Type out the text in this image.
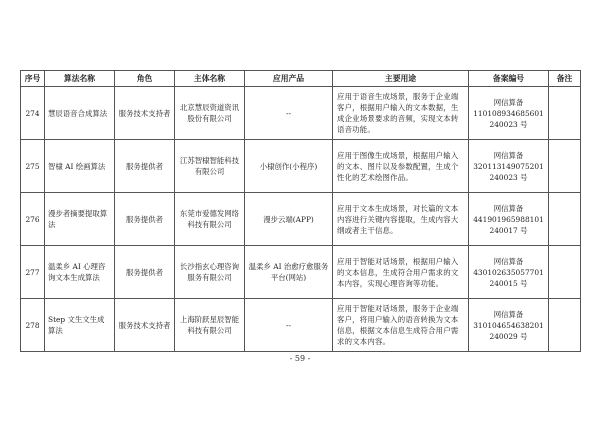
序号	算法名称	角色	主体名称	应用产品	主要用途	备案编号	备注
274	慧辰语音合成算法	服务技术支持者	北京慧辰资道资讯股份有限公司	--	应用于语音生成场景，服务于企业端客户，根据用户输入的文本数据，生成企业场景要求的音频，实现文本转语音功能。	网信算备
110108934685601
240023 号	

275	智棣 AI 绘画算法	服务提供者	江苏智棣智能科技有限公司	小棣创作(小程序)	应用于图像生成场景，根据用户输入的文本、图片以及参数配置，生成个性化的艺术绘图作品。	网信算备
320113149075201
240023 号	

276	漫步者摘要提取算法	服务提供者	东莞市爱德发网络科技有限公司	漫步云端(APP)	应用于文本生成场景，对长篇的文本内容进行关键内容提取，生成内容大纲或者主干信息。	网信算备
441901965988101
240017 号	

277	温柔乡 AI 心理咨询文本生成算法	服务提供者	长沙指玄心理咨询服务有限公司	温柔乡 AI 治愈疗愈服务平台(网站)	应用于智能对话场景，根据用户输入的文本信息，生成符合用户需求的文本内容，实现心理咨询等功能。	网信算备
430102635057701
240015 号	

278	Step 文生文生成算法	服务技术支持者	上海阶跃星辰智能科技有限公司	--	应用于智能对话场景，服务于企业端客户，将用户输入的语音转换为文本信息，根据文本信息生成符合用户需求的文本内容。	网信算备
310104654638201
240029 号	

- 59 -
